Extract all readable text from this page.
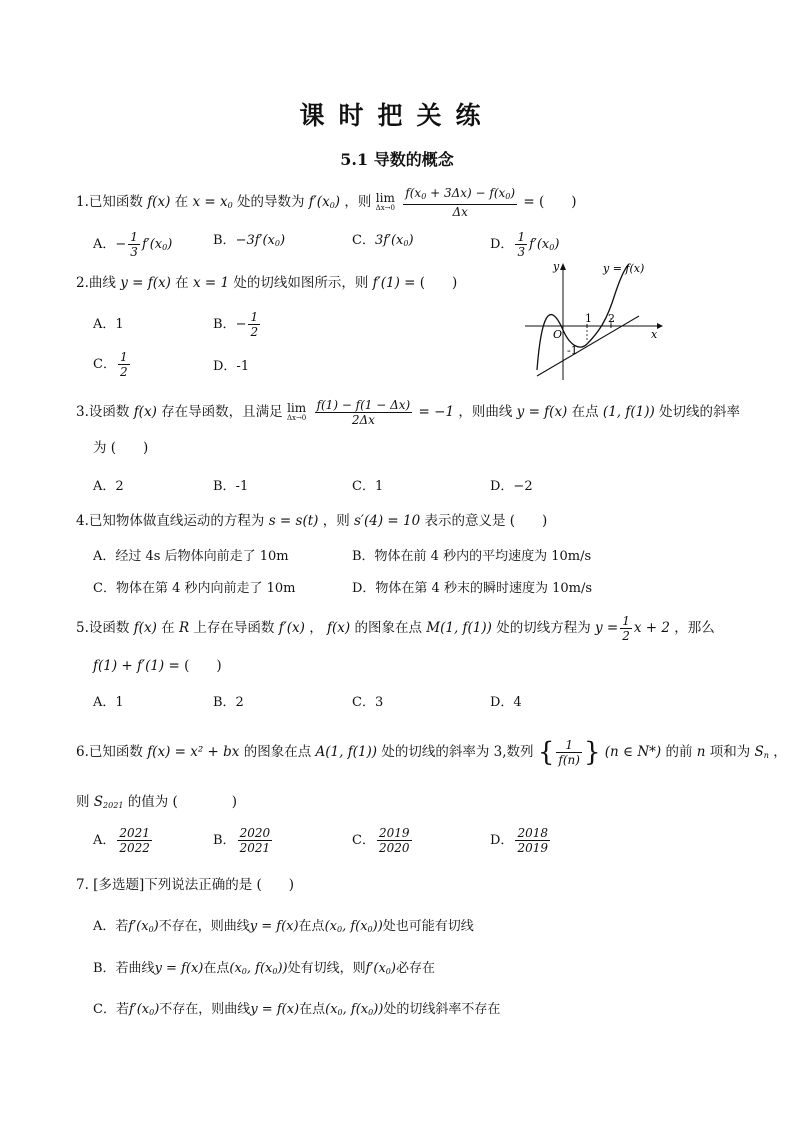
课时把关练
5.1 导数的概念
1.已知函数 f(x) 在 $x = x_0$ 处的导数为 $f'(x_0)$ ，则 lim
Δx→0
$\frac{f(x_0 + 3\Delta x) - f(x_0)}{\Delta x}$ = (　　)
A．− $\frac{1}{3} f'(x_0)$	B．$-3f'(x_0)$	C．$3f'(x_0)$	D． $\frac{1}{3} f'(x_0)$
2.曲线 y = f(x) 在 x = 1 处的切线如图所示，则 f′(1) = (　　)
A．1	B．− $\frac{1}{2}$
C． $\frac{1}{2}$	D．-1
1 2
-1
O	x
y	y = f(x)
3.设函数 f(x) 存在导函数，且满足 lim
Δx→0
$\frac{f(1) - f(1 - \Delta x)}{2\Delta x} = -1$ ，则曲线 y = f(x) 在点 (1, f(1)) 处切线的斜率
为 (　　)
A．2	B．-1	C．1	D．−2
4.已知物体做直线运动的方程为 s = s(t) ，则 s′(4) = 10 表示的意义是 (　　)
A．经过 4s 后物体向前走了 10m	B．物体在前 4 秒内的平均速度为 10m/s
C．物体在第 4 秒内向前走了 10m	D．物体在第 4 秒末的瞬时速度为 10m/s
5.设函数 f(x) 在 R 上存在导函数 f′(x) ， f(x) 的图象在点 M(1, f(1)) 处的切线方程为 $y = \frac{1}{2}$ x + 2 ，那么
f(1) + f′(1) = (　　)
A．1	B．2	C．3	D．4
6.已知函数 f(x) = x² + bx 的图象在点 A(1, f(1)) 处的切线的斜率为 3,数列 { $\frac{1}{f(n)}$ } (n ∈ N*) 的前 n 项和为 $S_n$ ，
则 $S_{2021}$ 的值为 (　　　　)
A． $\frac{2021}{2022}$	B． $\frac{2020}{2021}$	C． $\frac{2019}{2020}$	D． $\frac{2018}{2019}$
7. [多选题]下列说法正确的是 (　　)
A．若$f'(x_0)$不存在，则曲线y = f(x)在点($x_0$, $f(x_0)$)处也可能有切线
B．若曲线y = f(x)在点($x_0$, $f(x_0)$)处有切线，则$f'(x_0)$必存在
C．若$f'(x_0)$不存在，则曲线y = f(x)在点($x_0$, $f(x_0)$)处的切线斜率不存在
